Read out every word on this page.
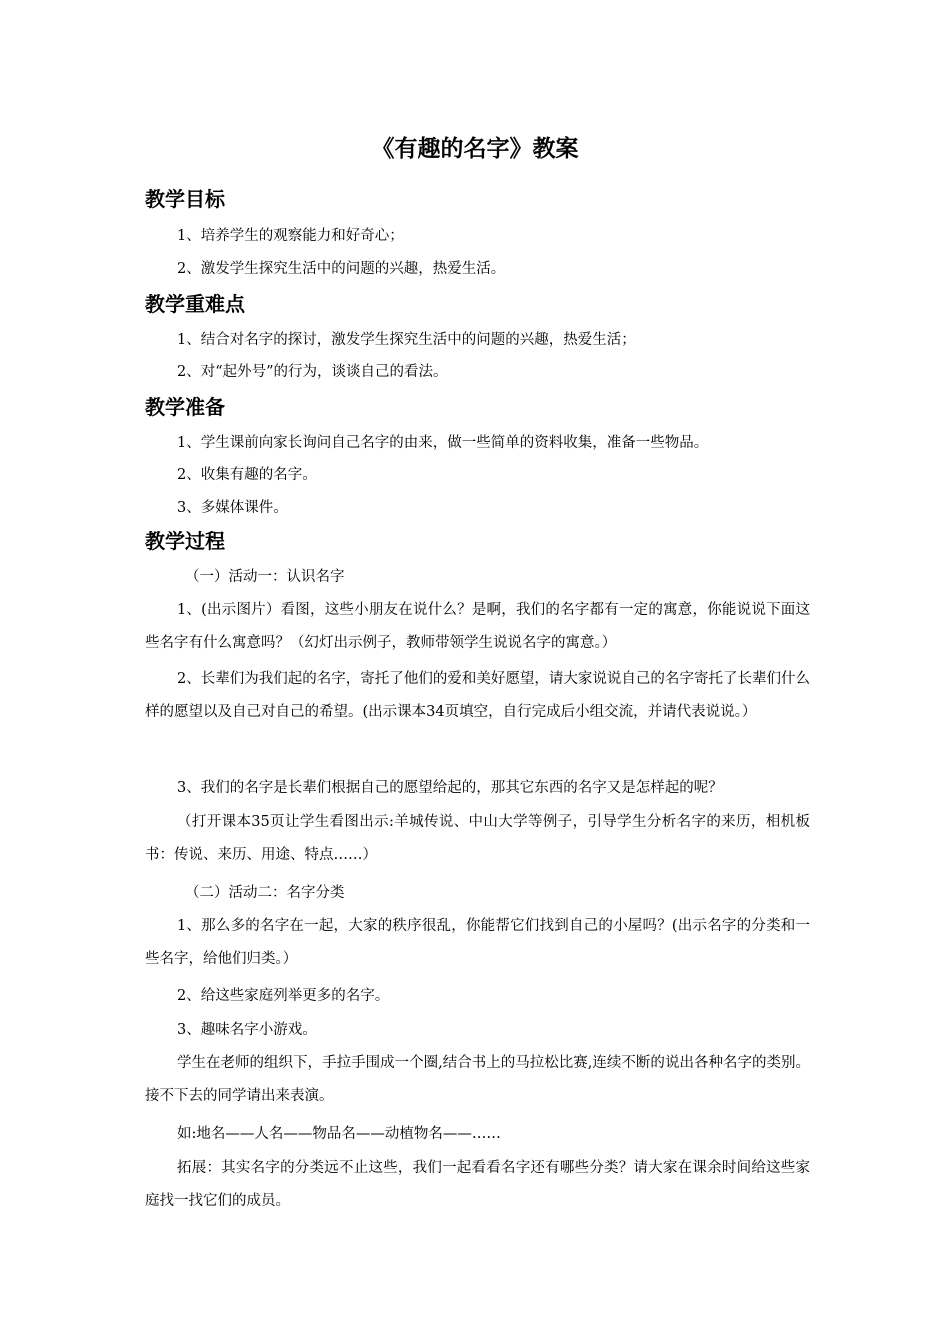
《有趣的名字》教案
教学目标

1、培养学生的观察能力和好奇心；

2、激发学生探究生活中的问题的兴趣，热爱生活。

教学重难点

1、结合对名字的探讨，激发学生探究生活中的问题的兴趣，热爱生活；

2、对“起外号”的行为，谈谈自己的看法。

教学准备

1、学生课前向家长询问自己名字的由来，做一些简单的资料收集，准备一些物品。

2、收集有趣的名字。

3、多媒体课件。

教学过程

（一）活动一：认识名字

1、(出示图片）看图，这些小朋友在说什么？是啊，我们的名字都有一定的寓意，你能说说下面这些名字有什么寓意吗？（幻灯出示例子，教师带领学生说说名字的寓意。）

2、长辈们为我们起的名字，寄托了他们的爱和美好愿望，请大家说说自己的名字寄托了长辈们什么样的愿望以及自己对自己的希望。(出示课本34页填空，自行完成后小组交流，并请代表说说。）

3、我们的名字是长辈们根据自己的愿望给起的，那其它东西的名字又是怎样起的呢？

（打开课本35页让学生看图出示:羊城传说、中山大学等例子，引导学生分析名字的来历，相机板书：传说、来历、用途、特点……）

（二）活动二：名字分类

1、那么多的名字在一起，大家的秩序很乱，你能帮它们找到自己的小屋吗？(出示名字的分类和一些名字，给他们归类。）

2、给这些家庭列举更多的名字。

3、趣味名字小游戏。

学生在老师的组织下，手拉手围成一个圈,结合书上的马拉松比赛,连续不断的说出各种名字的类别。接不下去的同学请出来表演。

如:地名——人名——物品名——动植物名——……

拓展：其实名字的分类远不止这些，我们一起看看名字还有哪些分类？请大家在课余时间给这些家庭找一找它们的成员。
